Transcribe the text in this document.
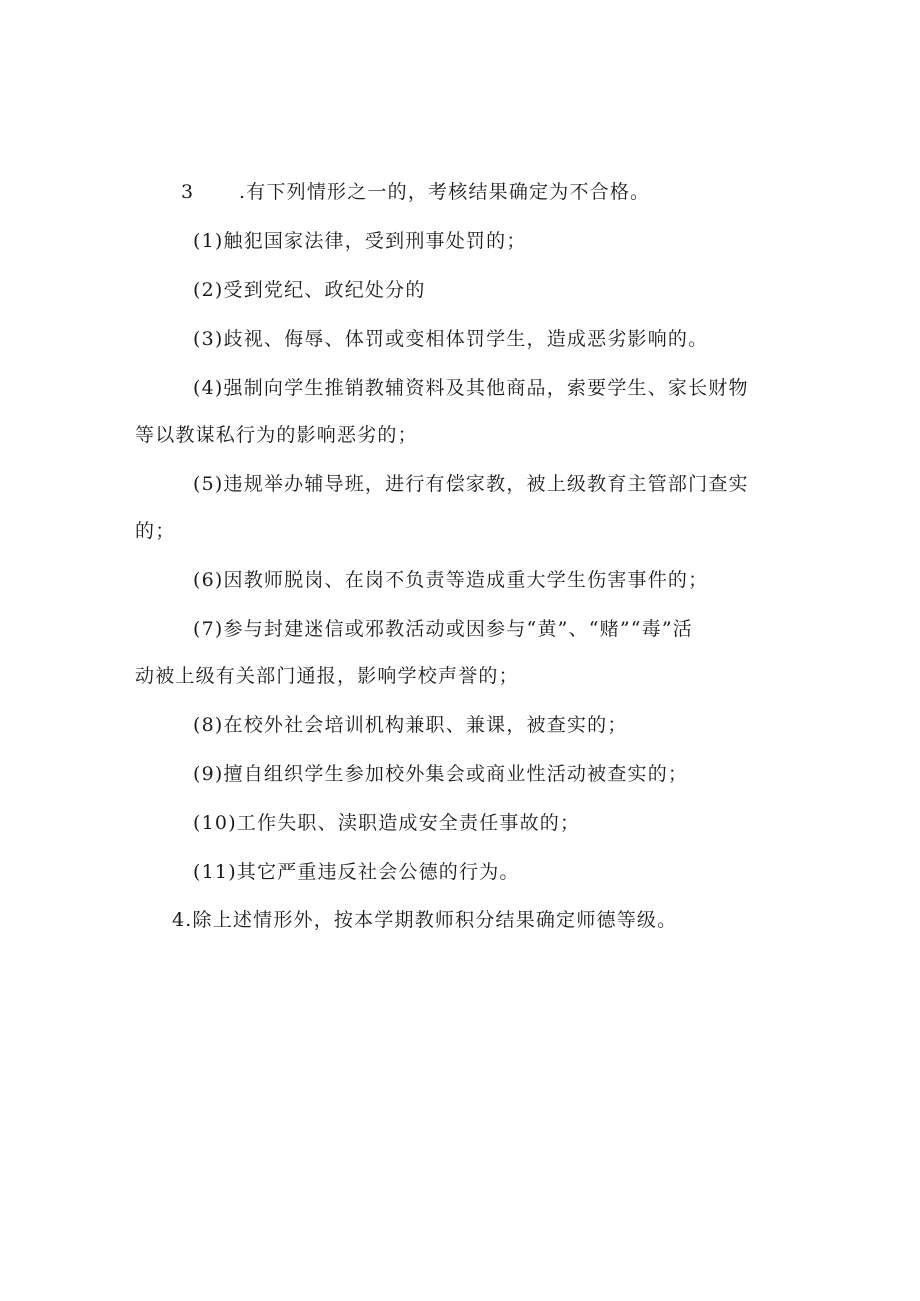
3 .有下列情形之一的，考核结果确定为不合格。
(1)触犯国家法律，受到刑事处罚的；
(2)受到党纪、政纪处分的
(3)歧视、侮辱、体罚或变相体罚学生，造成恶劣影响的。
(4)强制向学生推销教辅资料及其他商品，索要学生、家长财物
等以教谋私行为的影响恶劣的；
(5)违规举办辅导班，进行有偿家教，被上级教育主管部门查实
的；
(6)因教师脱岗、在岗不负责等造成重大学生伤害事件的；
(7)参与封建迷信或邪教活动或因参与“黄”、“赌”“毒”活
动被上级有关部门通报，影响学校声誉的；
(8)在校外社会培训机构兼职、兼课，被查实的；
(9)擅自组织学生参加校外集会或商业性活动被查实的；
(10)工作失职、渎职造成安全责任事故的；
(11)其它严重违反社会公德的行为。
4.除上述情形外，按本学期教师积分结果确定师德等级。
